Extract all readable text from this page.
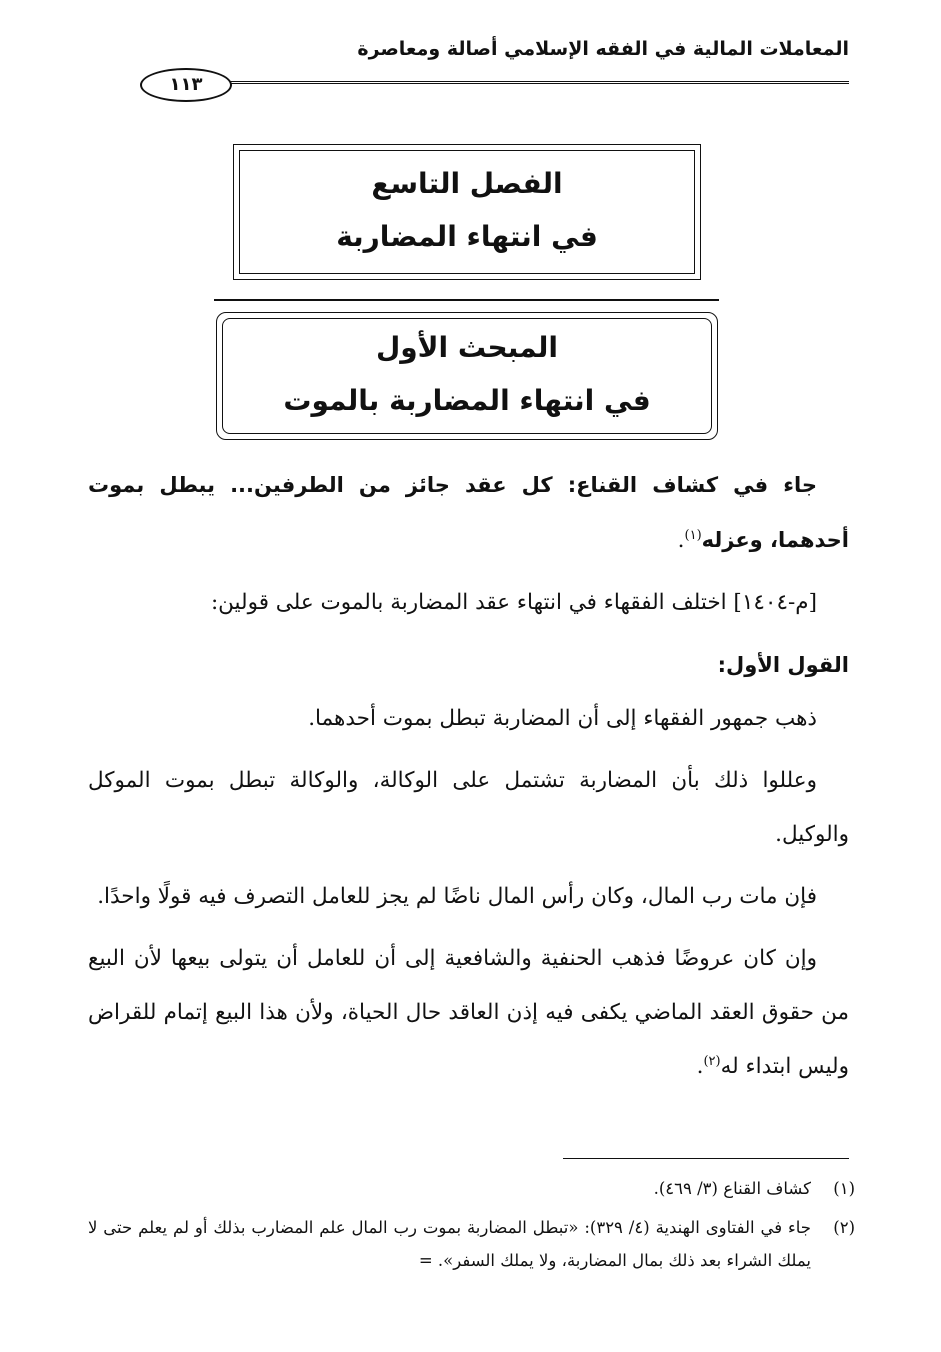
المعاملات المالية في الفقه الإسلامي أصالة ومعاصرة
١١٣
الفصل التاسع
في انتهاء المضاربة
المبحث الأول
في انتهاء المضاربة بالموت

جاء في كشاف القناع: كل عقد جائز من الطرفين... يبطل بموت أحدهما، وعزله$^{(١)}$.

[م-١٤٠٤] اختلف الفقهاء في انتهاء عقد المضاربة بالموت على قولين:

القول الأول:

ذهب جمهور الفقهاء إلى أن المضاربة تبطل بموت أحدهما.

وعللوا ذلك بأن المضاربة تشتمل على الوكالة، والوكالة تبطل بموت الموكل والوكيل.

فإن مات رب المال، وكان رأس المال ناضًا لم يجز للعامل التصرف فيه قولًا واحدًا.

وإن كان عروضًا فذهب الحنفية والشافعية إلى أن للعامل أن يتولى بيعها لأن البيع من حقوق العقد الماضي يكفى فيه إذن العاقد حال الحياة، ولأن هذا البيع إتمام للقراض وليس ابتداء له$^{(٢)}$.

(١)
كشاف القناع (٣/ ٤٦٩).
(٢)
جاء في الفتاوى الهندية (٤/ ٣٢٩): «تبطل المضاربة بموت رب المال علم المضارب بذلك أو لم يعلم حتى لا يملك الشراء بعد ذلك بمال المضاربة، ولا يملك السفر». =
